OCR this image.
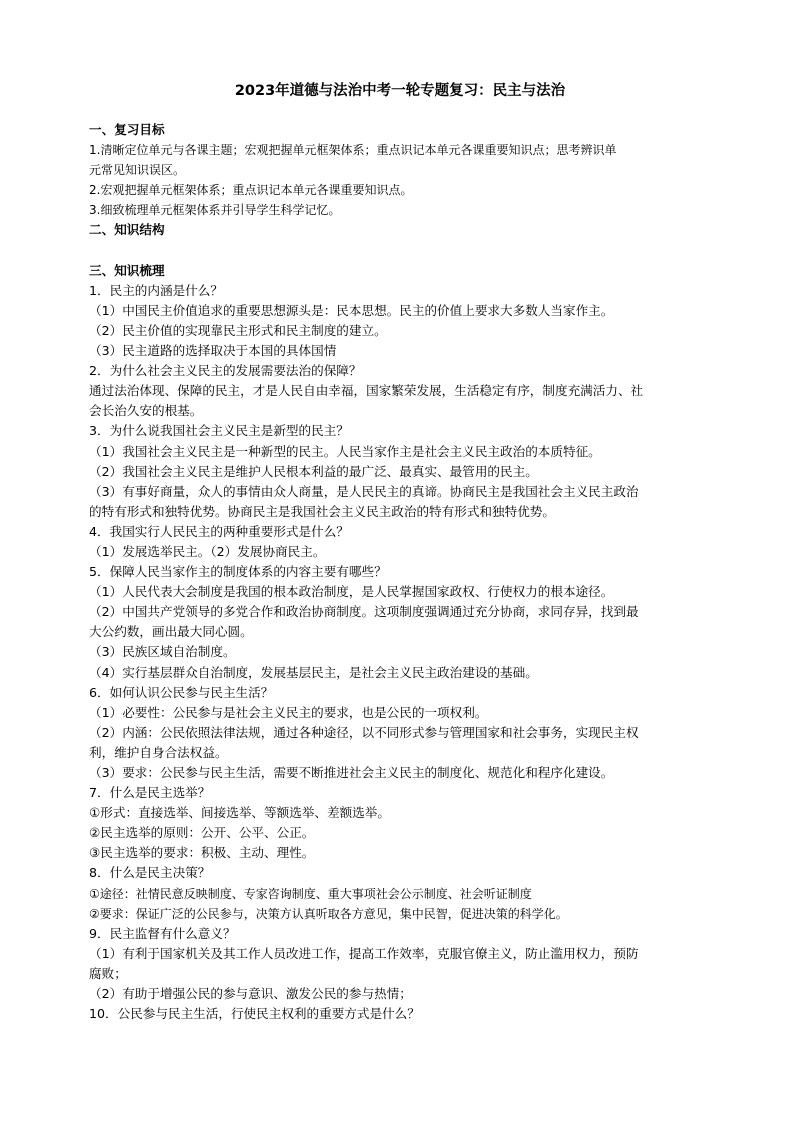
2023年道德与法治中考一轮专题复习：民主与法治
一、复习目标
1.清晰定位单元与各课主题；宏观把握单元框架体系；重点识记本单元各课重要知识点；思考辨识单
元常见知识误区。
2.宏观把握单元框架体系；重点识记本单元各课重要知识点。
3.细致梳理单元框架体系并引导学生科学记忆。
二、知识结构
三、知识梳理
1．民主的内涵是什么？
（1）中国民主价值追求的重要思想源头是：民本思想。民主的价值上要求大多数人当家作主。
（2）民主价值的实现靠民主形式和民主制度的建立。
（3）民主道路的选择取决于本国的具体国情
2．为什么社会主义民主的发展需要法治的保障？
通过法治体现、保障的民主，才是人民自由幸福，国家繁荣发展，生活稳定有序，制度充满活力、社
会长治久安的根基。
3．为什么说我国社会主义民主是新型的民主？
（1）我国社会主义民主是一种新型的民主。人民当家作主是社会主义民主政治的本质特征。
（2）我国社会主义民主是维护人民根本利益的最广泛、最真实、最管用的民主。
（3）有事好商量，众人的事情由众人商量，是人民民主的真谛。协商民主是我国社会主义民主政治
的特有形式和独特优势。协商民主是我国社会主义民主政治的特有形式和独特优势。
4．我国实行人民民主的两种重要形式是什么？
（1）发展选举民主。（2）发展协商民主。
5．保障人民当家作主的制度体系的内容主要有哪些？
（1）人民代表大会制度是我国的根本政治制度，是人民掌握国家政权、行使权力的根本途径。
（2）中国共产党领导的多党合作和政治协商制度。这项制度强调通过充分协商，求同存异，找到最
大公约数，画出最大同心圆。
（3）民族区域自治制度。
（4）实行基层群众自治制度，发展基层民主，是社会主义民主政治建设的基础。
6．如何认识公民参与民主生活？
（1）必要性：公民参与是社会主义民主的要求，也是公民的一项权利。
（2）内涵：公民依照法律法规，通过各种途径，以不同形式参与管理国家和社会事务，实现民主权
利，维护自身合法权益。
（3）要求：公民参与民主生活，需要不断推进社会主义民主的制度化、规范化和程序化建设。
7．什么是民主选举？
①形式：直接选举、间接选举、等额选举、差额选举。
②民主选举的原则：公开、公平、公正。
③民主选举的要求：积极、主动、理性。
8．什么是民主决策？
①途径：社情民意反映制度、专家咨询制度、重大事项社会公示制度、社会听证制度
②要求：保证广泛的公民参与，决策方认真听取各方意见，集中民智，促进决策的科学化。
9．民主监督有什么意义？
（1）有利于国家机关及其工作人员改进工作，提高工作效率，克服官僚主义，防止滥用权力，预防
腐败；
（2）有助于增强公民的参与意识、激发公民的参与热情；
10．公民参与民主生活，行使民主权利的重要方式是什么？
